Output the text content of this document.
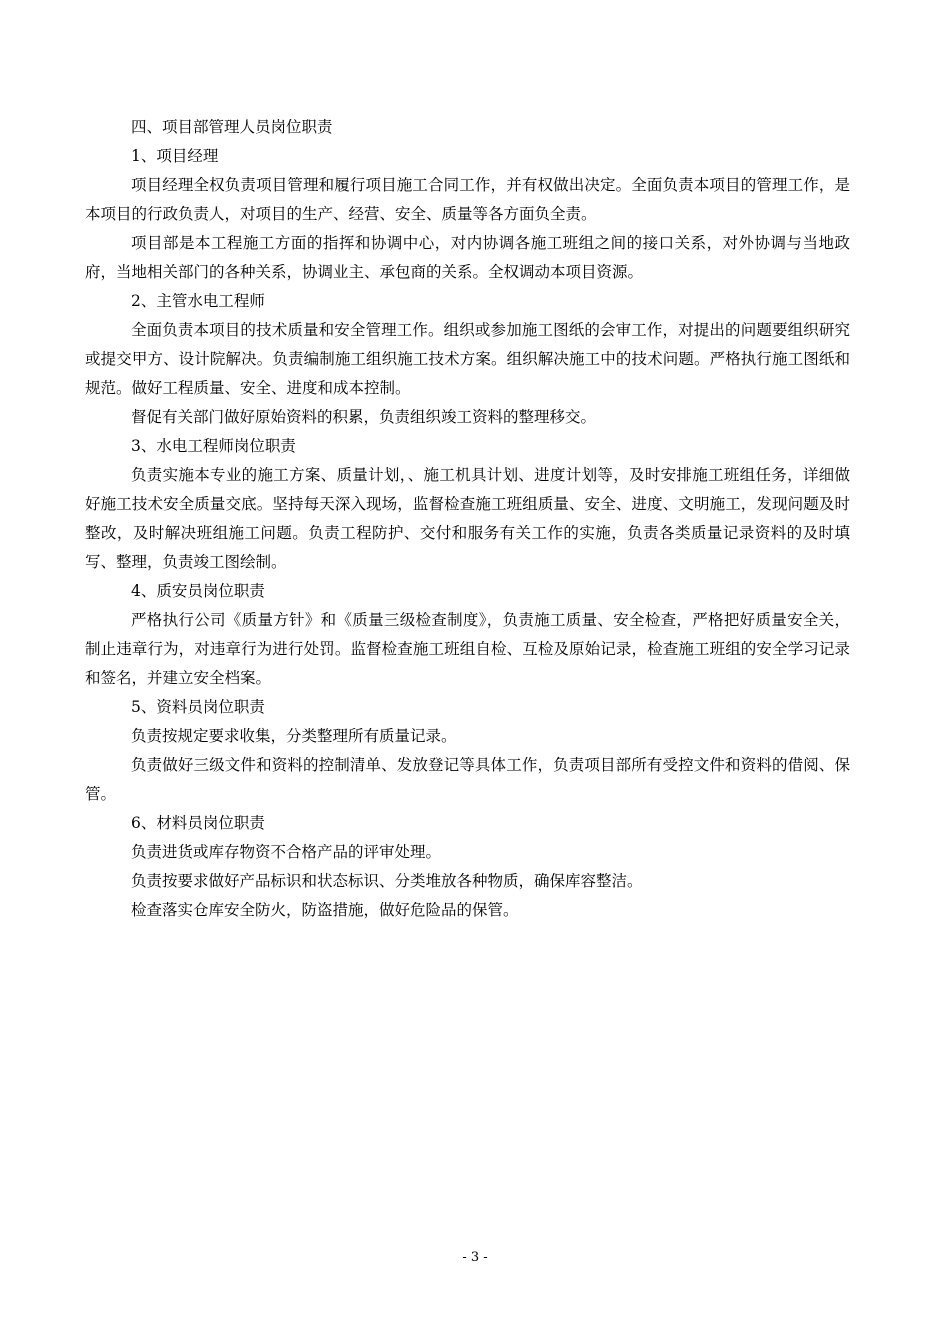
四、项目部管理人员岗位职责

1、项目经理

项目经理全权负责项目管理和履行项目施工合同工作，并有权做出决定。全面负责本项目的管理工作，是本项目的行政负责人，对项目的生产、经营、安全、质量等各方面负全责。

项目部是本工程施工方面的指挥和协调中心，对内协调各施工班组之间的接口关系，对外协调与当地政府，当地相关部门的各种关系，协调业主、承包商的关系。全权调动本项目资源。

2、主管水电工程师

全面负责本项目的技术质量和安全管理工作。组织或参加施工图纸的会审工作，对提出的问题要组织研究或提交甲方、设计院解决。负责编制施工组织施工技术方案。组织解决施工中的技术问题。严格执行施工图纸和规范。做好工程质量、安全、进度和成本控制。

督促有关部门做好原始资料的积累，负责组织竣工资料的整理移交。

3、水电工程师岗位职责

负责实施本专业的施工方案、质量计划，、施工机具计划、进度计划等，及时安排施工班组任务，详细做好施工技术安全质量交底。坚持每天深入现场，监督检查施工班组质量、安全、进度、文明施工，发现问题及时整改，及时解决班组施工问题。负责工程防护、交付和服务有关工作的实施，负责各类质量记录资料的及时填写、整理，负责竣工图绘制。

4、质安员岗位职责

严格执行公司《质量方针》和《质量三级检查制度》，负责施工质量、安全检查，严格把好质量安全关，制止违章行为，对违章行为进行处罚。监督检查施工班组自检、互检及原始记录，检查施工班组的安全学习记录和签名，并建立安全档案。

5、资料员岗位职责

负责按规定要求收集，分类整理所有质量记录。

负责做好三级文件和资料的控制清单、发放登记等具体工作，负责项目部所有受控文件和资料的借阅、保管。

6、材料员岗位职责

负责进货或库存物资不合格产品的评审处理。

负责按要求做好产品标识和状态标识、分类堆放各种物质，确保库容整洁。

检查落实仓库安全防火，防盗措施，做好危险品的保管。

- 3 -
